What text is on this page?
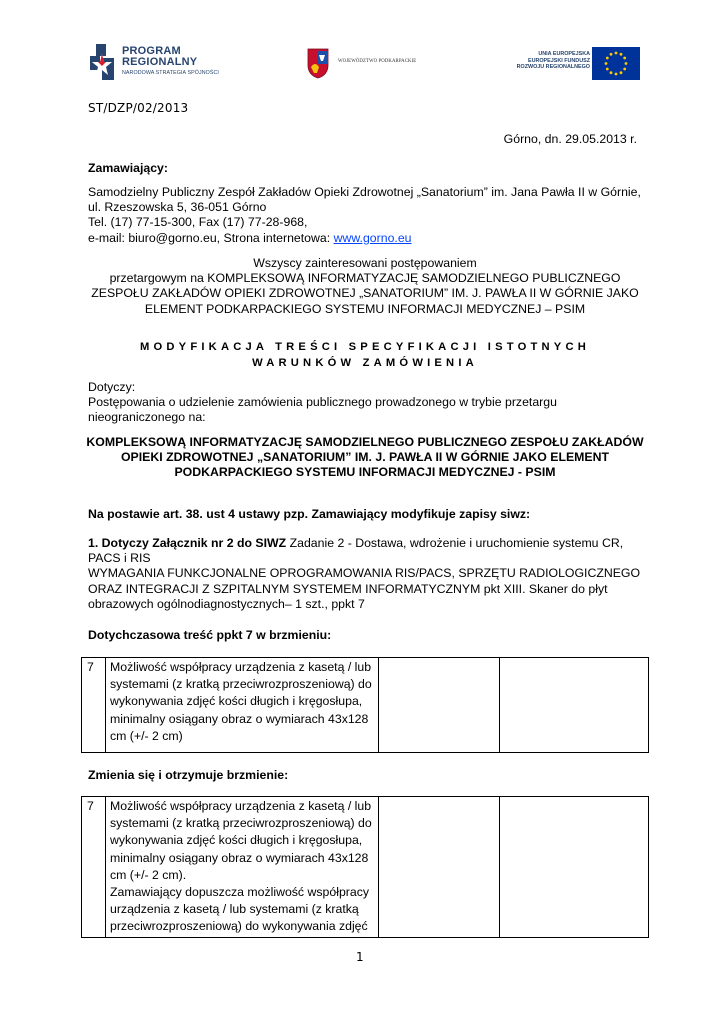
PROGRAM
REGIONALNY
NARODOWA STRATEGIA SPÓJNOŚCI
WOJEWÓDZTWO PODKARPACKIE
UNIA EUROPEJSKA
EUROPEJSKI FUNDUSZ
ROZWOJU REGIONALNEGO
ST/DZP/02/2013
Górno, dn. 29.05.2013 r.
Zamawiający:
Samodzielny Publiczny Zespół Zakładów Opieki Zdrowotnej „Sanatorium” im. Jana Pawła II w Górnie,
ul. Rzeszowska 5, 36-051 Górno
Tel. (17) 77-15-300, Fax (17) 77-28-968,
e-mail: biuro@gorno.eu, Strona internetowa: www.gorno.eu
Wszyscy zainteresowani postępowaniem
przetargowym na KOMPLEKSOWĄ INFORMATYZACJĘ SAMODZIELNEGO PUBLICZNEGO
ZESPOŁU ZAKŁADÓW OPIEKI ZDROWOTNEJ „SANATORIUM” IM. J. PAWŁA II W GÓRNIE JAKO
ELEMENT PODKARPACKIEGO SYSTEMU INFORMACJI MEDYCZNEJ – PSIM
MODYFIKACJA TREŚCI SPECYFIKACJI ISTOTNYCH
WARUNKÓW ZAMÓWIENIA
Dotyczy:
Postępowania o udzielenie zamówienia publicznego prowadzonego w trybie przetargu
nieograniczonego na:
KOMPLEKSOWĄ INFORMATYZACJĘ SAMODZIELNEGO PUBLICZNEGO ZESPOŁU ZAKŁADÓW
OPIEKI ZDROWOTNEJ „SANATORIUM” IM. J. PAWŁA II W GÓRNIE JAKO ELEMENT
PODKARPACKIEGO SYSTEMU INFORMACJI MEDYCZNEJ - PSIM
Na postawie art. 38. ust 4 ustawy pzp. Zamawiający modyfikuje zapisy siwz:
1. Dotyczy Załącznik nr 2 do SIWZ Zadanie 2 - Dostawa, wdrożenie i uruchomienie systemu CR,
PACS i RIS
WYMAGANIA FUNKCJONALNE OPROGRAMOWANIA RIS/PACS, SPRZĘTU RADIOLOGICZNEGO
ORAZ INTEGRACJI Z SZPITALNYM SYSTEMEM INFORMATYCZNYM pkt XIII. Skaner do płyt
obrazowych ogólnodiagnostycznych– 1 szt., ppkt 7
Dotychczasowa treść ppkt 7 w brzmieniu:
7	Możliwość współpracy urządzenia z kasetą / lub
systemami (z kratką przeciwrozproszeniową) do
wykonywania zdjęć kości długich i kręgosłupa,
minimalny osiągany obraz o wymiarach 43x128
cm (+/- 2 cm)

Zmienia się i otrzymuje brzmienie:
7	Możliwość współpracy urządzenia z kasetą / lub
systemami (z kratką przeciwrozproszeniową) do
wykonywania zdjęć kości długich i kręgosłupa,
minimalny osiągany obraz o wymiarach 43x128
cm (+/- 2 cm).
Zamawiający dopuszcza możliwość współpracy
urządzenia z kasetą / lub systemami (z kratką
przeciwrozproszeniową) do wykonywania zdjęć

1
